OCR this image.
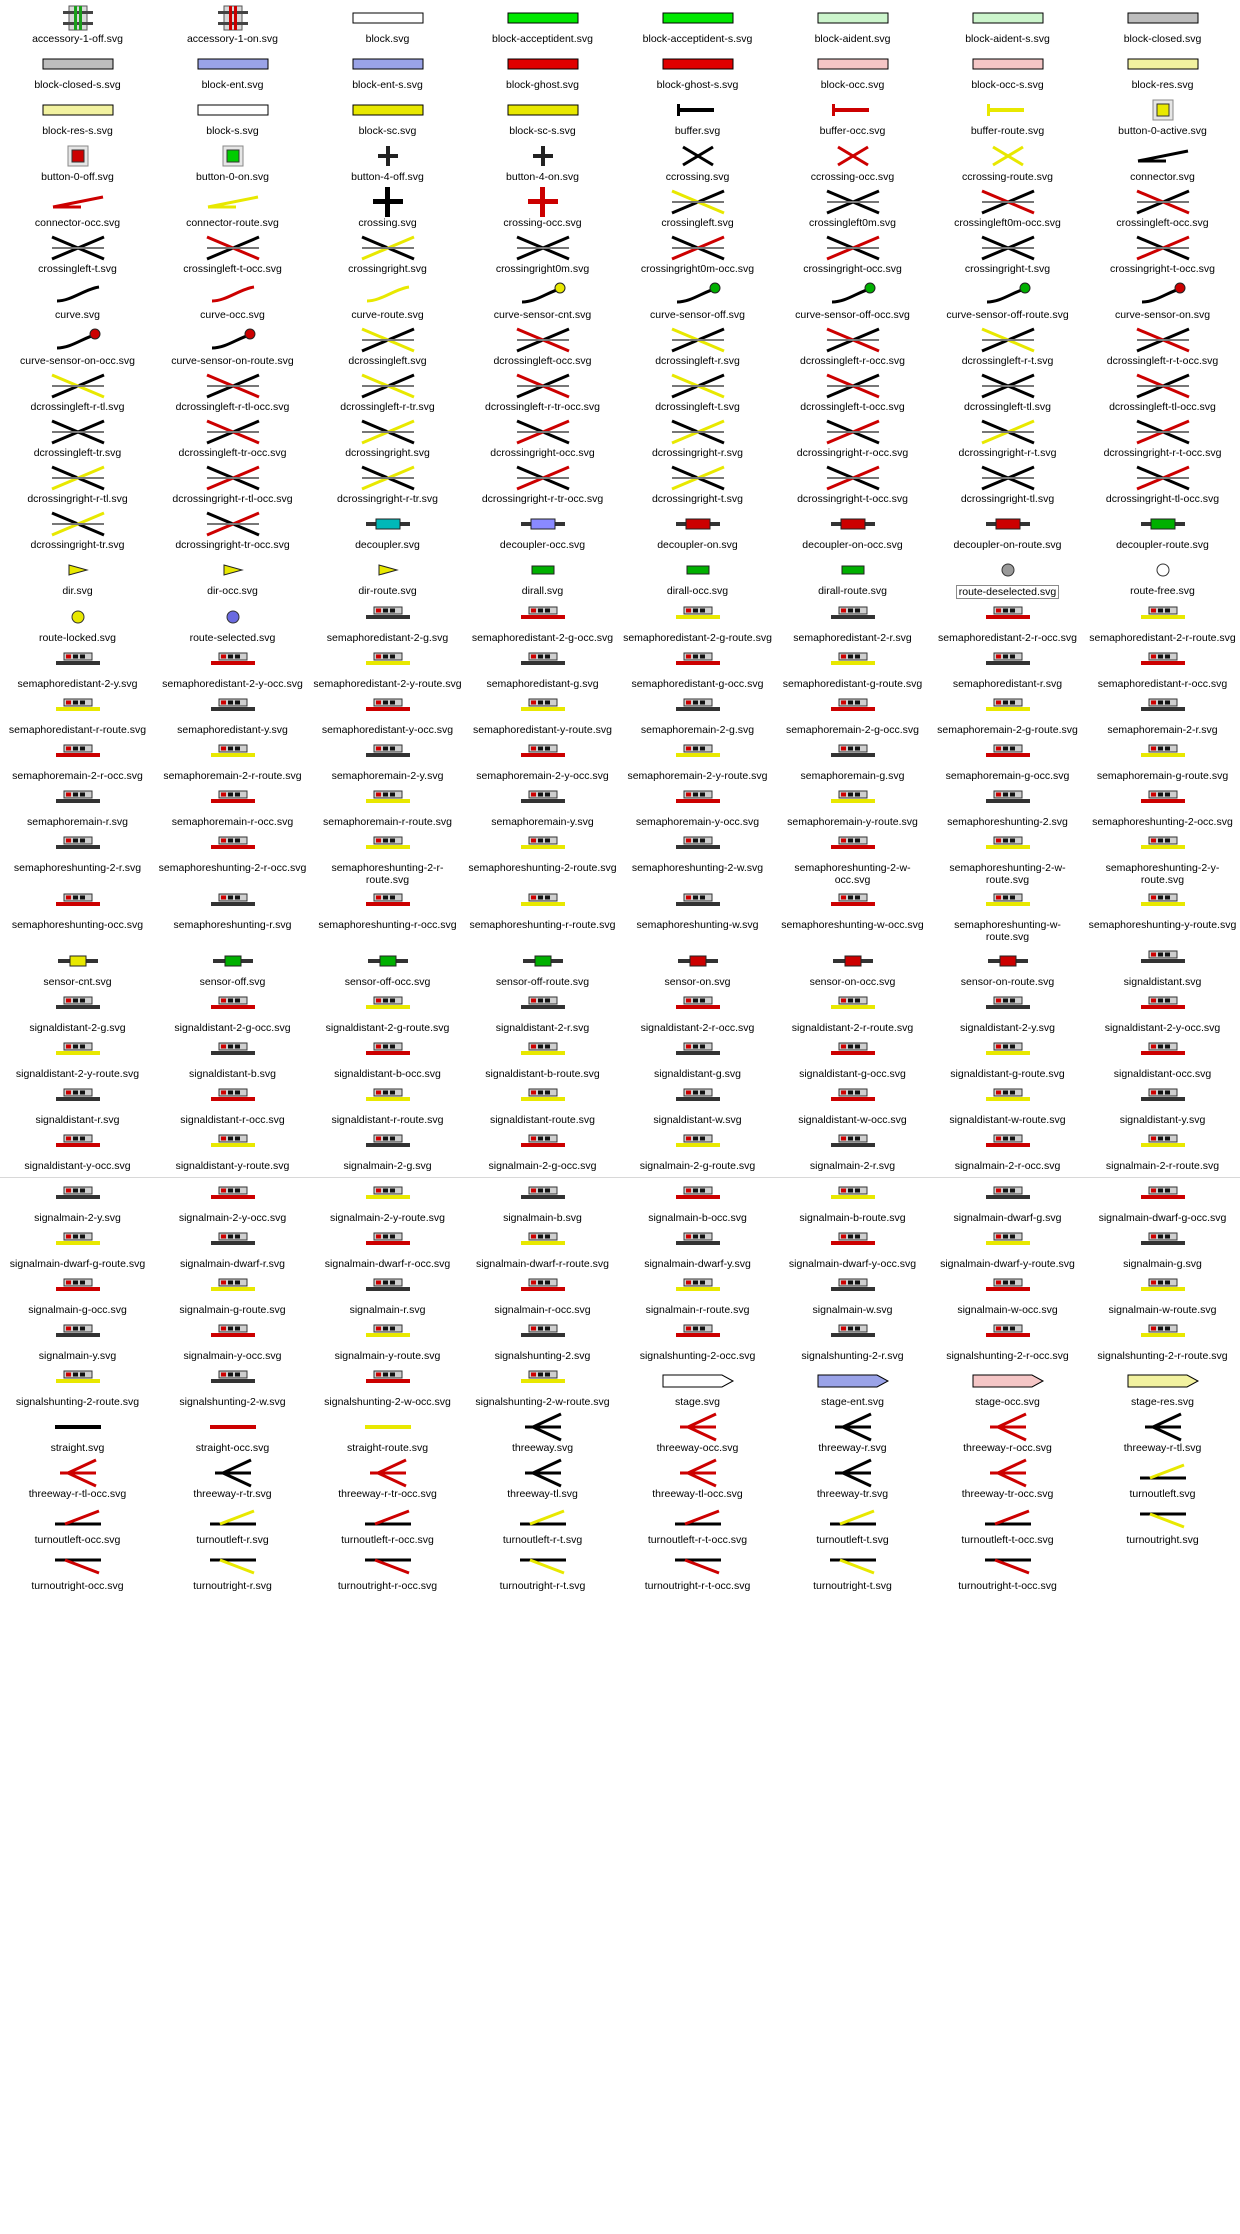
accessory-1-off.svg	accessory-1-on.svg	block.svg	block-acceptident.svg	block-acceptident-s.svg	block-aident.svg	block-aident-s.svg	block-closed.svg
block-closed-s.svg	block-ent.svg	block-ent-s.svg	block-ghost.svg	block-ghost-s.svg	block-occ.svg	block-occ-s.svg	block-res.svg
block-res-s.svg	block-s.svg	block-sc.svg	block-sc-s.svg	buffer.svg	buffer-occ.svg	buffer-route.svg	button-0-active.svg
button-0-off.svg	button-0-on.svg	button-4-off.svg	button-4-on.svg	ccrossing.svg	ccrossing-occ.svg	ccrossing-route.svg	connector.svg
connector-occ.svg	connector-route.svg	crossing.svg	crossing-occ.svg	crossingleft.svg	crossingleft0m.svg	crossingleft0m-occ.svg	crossingleft-occ.svg
crossingleft-t.svg	crossingleft-t-occ.svg	crossingright.svg	crossingright0m.svg	crossingright0m-occ.svg	crossingright-occ.svg	crossingright-t.svg	crossingright-t-occ.svg
curve.svg	curve-occ.svg	curve-route.svg	curve-sensor-cnt.svg	curve-sensor-off.svg	curve-sensor-off-occ.svg	curve-sensor-off-route.svg	curve-sensor-on.svg
curve-sensor-on-occ.svg	curve-sensor-on-route.svg	dcrossingleft.svg	dcrossingleft-occ.svg	dcrossingleft-r.svg	dcrossingleft-r-occ.svg	dcrossingleft-r-t.svg	dcrossingleft-r-t-occ.svg
dcrossingleft-r-tl.svg	dcrossingleft-r-tl-occ.svg	dcrossingleft-r-tr.svg	dcrossingleft-r-tr-occ.svg	dcrossingleft-t.svg	dcrossingleft-t-occ.svg	dcrossingleft-tl.svg	dcrossingleft-tl-occ.svg
dcrossingleft-tr.svg	dcrossingleft-tr-occ.svg	dcrossingright.svg	dcrossingright-occ.svg	dcrossingright-r.svg	dcrossingright-r-occ.svg	dcrossingright-r-t.svg	dcrossingright-r-t-occ.svg
dcrossingright-r-tl.svg	dcrossingright-r-tl-occ.svg	dcrossingright-r-tr.svg	dcrossingright-r-tr-occ.svg	dcrossingright-t.svg	dcrossingright-t-occ.svg	dcrossingright-tl.svg	dcrossingright-tl-occ.svg
dcrossingright-tr.svg	dcrossingright-tr-occ.svg	decoupler.svg	decoupler-occ.svg	decoupler-on.svg	decoupler-on-occ.svg	decoupler-on-route.svg	decoupler-route.svg
dir.svg	dir-occ.svg	dir-route.svg	dirall.svg	dirall-occ.svg	dirall-route.svg	route-deselected.svg	route-free.svg
route-locked.svg	route-selected.svg	semaphoredistant-2-g.svg semaphoredistant-2-g-occ.svg semaphoredistant-2-g-route.svg semaphoredistant-2-r.svg	semaphoredistant-2-r-occ.svg semaphoredistant-2-r-route.svg
semaphoredistant-2-y.svg semaphoredistant-2-y-occ.svg semaphoredistant-2-y-route.svg semaphoredistant-g.svg	semaphoredistant-g-occ.svg semaphoredistant-g-route.svg	semaphoredistant-r.svg	semaphoredistant-r-occ.svg
semaphoredistant-r-route.svg	semaphoredistant-y.svg	semaphoredistant-y-occ.svg semaphoredistant-y-route.svg	semaphoremain-2-g.svg	semaphoremain-2-g-occ.svg semaphoremain-2-g-route.svg	semaphoremain-2-r.svg
semaphoremain-2-r-occ.svg semaphoremain-2-r-route.svg	semaphoremain-2-y.svg	semaphoremain-2-y-occ.svg semaphoremain-2-y-route.svg	semaphoremain-g.svg	semaphoremain-g-occ.svg	semaphoremain-g-route.svg
semaphoremain-r.svg	semaphoremain-r-occ.svg	semaphoremain-r-route.svg	semaphoremain-y.svg	semaphoremain-y-occ.svg	semaphoremain-y-route.svg	semaphoreshunting-2.svg semaphoreshunting-2-occ.svg
semaphoreshunting-2-r.svg semaphoreshunting-2-r-occ.svg	semaphoreshunting-2-r-route.svg
semaphoreshunting-2-route.svg semaphoreshunting-2-w.svg	semaphoreshunting-2-w-occ.svg
semaphoreshunting-2-w-route.svg
semaphoreshunting-2-y-route.svg
semaphoreshunting-occ.svg	semaphoreshunting-r.svg	semaphoreshunting-r-occ.svg semaphoreshunting-r-route.svg semaphoreshunting-w.svg semaphoreshunting-w-occ.svg	semaphoreshunting-w-route.svg
semaphoreshunting-y-route.svg
sensor-cnt.svg	sensor-off.svg	sensor-off-occ.svg	sensor-off-route.svg	sensor-on.svg	sensor-on-occ.svg	sensor-on-route.svg	signaldistant.svg
signaldistant-2-g.svg	signaldistant-2-g-occ.svg	signaldistant-2-g-route.svg	signaldistant-2-r.svg	signaldistant-2-r-occ.svg	signaldistant-2-r-route.svg	signaldistant-2-y.svg	signaldistant-2-y-occ.svg
signaldistant-2-y-route.svg	signaldistant-b.svg	signaldistant-b-occ.svg	signaldistant-b-route.svg	signaldistant-g.svg	signaldistant-g-occ.svg	signaldistant-g-route.svg	signaldistant-occ.svg
signaldistant-r.svg	signaldistant-r-occ.svg	signaldistant-r-route.svg	signaldistant-route.svg	signaldistant-w.svg	signaldistant-w-occ.svg	signaldistant-w-route.svg	signaldistant-y.svg
signaldistant-y-occ.svg	signaldistant-y-route.svg	signalmain-2-g.svg	signalmain-2-g-occ.svg	signalmain-2-g-route.svg	signalmain-2-r.svg	signalmain-2-r-occ.svg	signalmain-2-r-route.svg
signalmain-2-y.svg	signalmain-2-y-occ.svg	signalmain-2-y-route.svg	signalmain-b.svg	signalmain-b-occ.svg	signalmain-b-route.svg	signalmain-dwarf-g.svg	signalmain-dwarf-g-occ.svg
signalmain-dwarf-g-route.svg	signalmain-dwarf-r.svg	signalmain-dwarf-r-occ.svg signalmain-dwarf-r-route.svg	signalmain-dwarf-y.svg	signalmain-dwarf-y-occ.svg signalmain-dwarf-y-route.svg	signalmain-g.svg
signalmain-g-occ.svg	signalmain-g-route.svg	signalmain-r.svg	signalmain-r-occ.svg	signalmain-r-route.svg	signalmain-w.svg	signalmain-w-occ.svg	signalmain-w-route.svg
signalmain-y.svg	signalmain-y-occ.svg	signalmain-y-route.svg	signalshunting-2.svg	signalshunting-2-occ.svg	signalshunting-2-r.svg	signalshunting-2-r-occ.svg	signalshunting-2-r-route.svg
signalshunting-2-route.svg	signalshunting-2-w.svg	signalshunting-2-w-occ.svg signalshunting-2-w-route.svg	stage.svg	stage-ent.svg	stage-occ.svg	stage-res.svg
straight.svg	straight-occ.svg	straight-route.svg	threeway.svg	threeway-occ.svg	threeway-r.svg	threeway-r-occ.svg	threeway-r-tl.svg
threeway-r-tl-occ.svg	threeway-r-tr.svg	threeway-r-tr-occ.svg	threeway-tl.svg	threeway-tl-occ.svg	threeway-tr.svg	threeway-tr-occ.svg	turnoutleft.svg
turnoutleft-occ.svg	turnoutleft-r.svg	turnoutleft-r-occ.svg	turnoutleft-r-t.svg	turnoutleft-r-t-occ.svg	turnoutleft-t.svg	turnoutleft-t-occ.svg	turnoutright.svg
turnoutright-occ.svg	turnoutright-r.svg	turnoutright-r-occ.svg	turnoutright-r-t.svg	turnoutright-r-t-occ.svg	turnoutright-t.svg	turnoutright-t-occ.svg
